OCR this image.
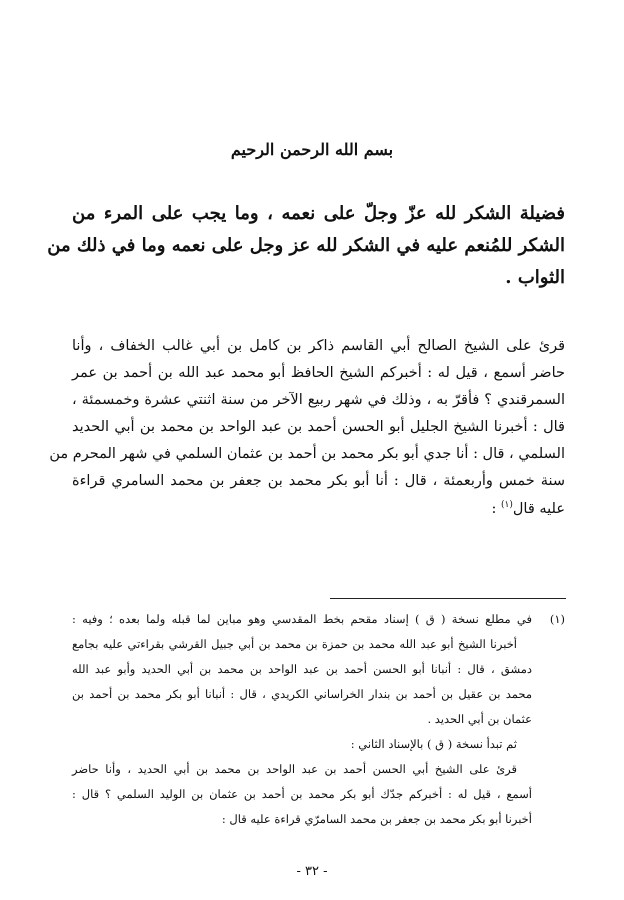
بسم الله الرحمن الرحيم
فضيلة الشكر لله عزّ وجلّ على نعمه ، وما يجب على المرء من
الشكر للمُنعم عليه في الشكر لله عز وجل على نعمه وما في ذلك من
الثواب .
قرئ على الشيخ الصالح أبي القاسم ذاكر بن كامل بن أبي غالب الخفاف ، وأنا
حاضر أسمع ، قيل له : أخبركم الشيخ الحافظ أبو محمد عبد الله بن أحمد بن عمر
السمرقندي ؟ فأقرّ به ، وذلك في شهر ربيع الآخر من سنة اثنتي عشرة وخمسمئة ،
قال : أخبرنا الشيخ الجليل أبو الحسن أحمد بن عبد الواحد بن محمد بن أبي الحديد
السلمي ، قال : أنا جدي أبو بكر محمد بن أحمد بن عثمان السلمي في شهر المحرم من
سنة خمس وأربعمئة ، قال : أنا أبو بكر محمد بن جعفر بن محمد السامري قراءة
عليه قال$^{(١)}$ :
(١)
في مطلع نسخة ( ق ) إسناد مقحم بخط المقدسي وهو مباين لما قبله ولما بعده ؛ وفيه :
أخبرنا الشيخ أبو عبد الله محمد بن حمزة بن محمد بن أبي جبيل القرشي بقراءتي عليه بجامع
دمشق ، قال : أنبانا أبو الحسن أحمد بن عبد الواحد بن محمد بن أبي الحديد وأبو عبد الله
محمد بن عقيل بن أحمد بن بندار الخراساني الكريدي ، قال : أنبانا أبو بكر محمد بن أحمد بن
عثمان بن أبي الحديد .
ثم تبدأ نسخة ( ق ) بالإسناد الثاني :
قرئ على الشيخ أبي الحسن أحمد بن عبد الواحد بن محمد بن أبي الحديد ، وأنا حاضر
أسمع ، قيل له : أخبركم جدّك أبو بكر محمد بن أحمد بن عثمان بن الوليد السلمي ؟ قال :
أخبرنا أبو بكر محمد بن جعفر بن محمد السامرّي قراءة عليه قال :
- ٣٢ -
